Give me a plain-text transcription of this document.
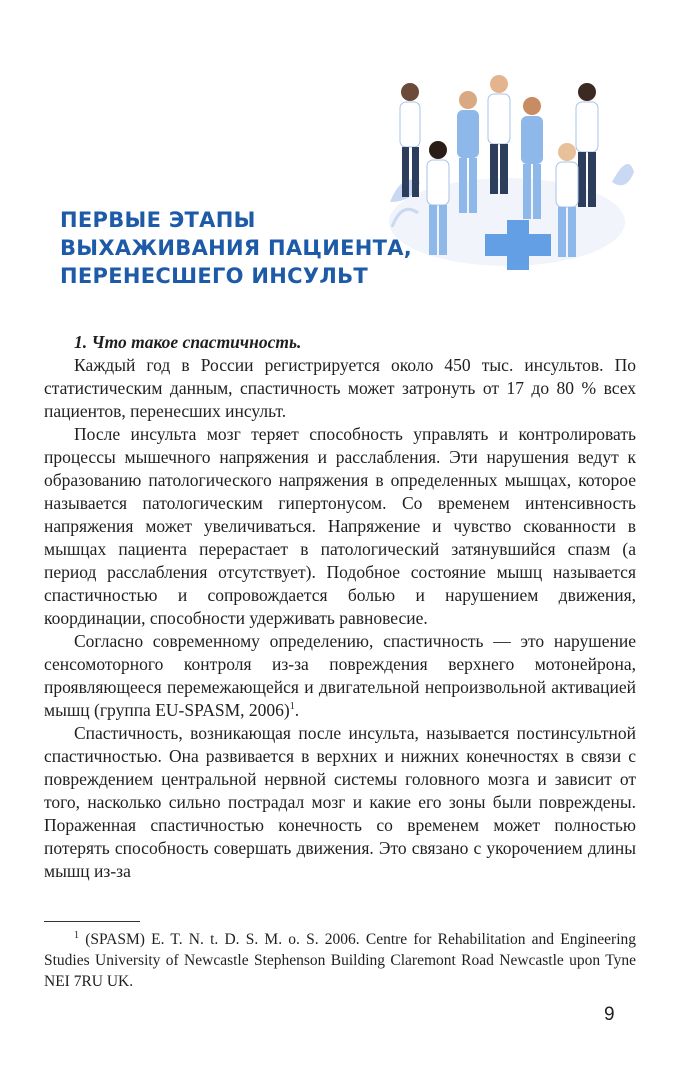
ПЕРВЫЕ ЭТАПЫ
ВЫХАЖИВАНИЯ ПАЦИЕНТА,
ПЕРЕНЕСШЕГО ИНСУЛЬТ

1. Что такое спастичность.

Каждый год в России регистрируется около 450 тыс. инсультов. По статистическим данным, спастичность может затронуть от 17 до 80 % всех пациентов, перенесших инсульт.

После инсульта мозг теряет способность управлять и контролировать процессы мышечного напряжения и расслабления. Эти нарушения ведут к образованию патологического напряжения в определенных мышцах, которое называется патологическим гипертонусом. Со временем интенсивность напряжения может увеличиваться. Напряжение и чувство скованности в мышцах пациента перерастает в патологический затянувшийся спазм (а период расслабления отсутствует). Подобное состояние мышц называется спастичностью и сопровождается болью и нарушением движения, координации, способности удерживать равновесие.

Согласно современному определению, спастичность — это нарушение сенсомоторного контроля из-за повреждения верхнего мотонейрона, проявляющееся перемежающейся и двигательной непроизвольной активацией мышц (группа EU-SPASM, 2006)$^1$.

Спастичность, возникающая после инсульта, называется постинсультной спастичностью. Она развивается в верхних и нижних конечностях в связи с повреждением центральной нервной системы головного мозга и зависит от того, насколько сильно пострадал мозг и какие его зоны были повреждены. Пораженная спастичностью конечность со временем может полностью потерять способность совершать движения. Это связано с укорочением длины мышц из-за

$^1$ (SPASM) E. T. N. t. D. S. M. o. S. 2006. Centre for Rehabilitation and Engineering Studies University of Newcastle Stephenson Building Claremont Road Newcastle upon Tyne NEI 7RU UK.
9
